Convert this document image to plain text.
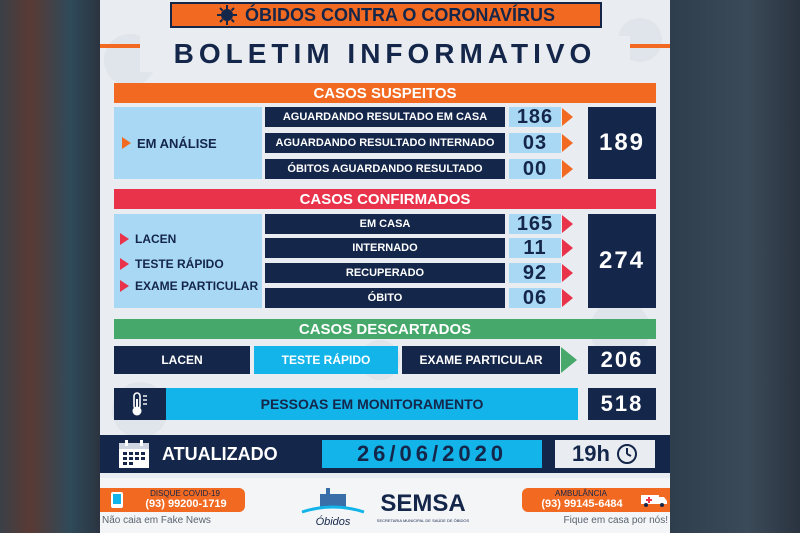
ÓBIDOS CONTRA O CORONAVÍRUS
BOLETIM INFORMATIVO
CASOS SUSPEITOS
EM ANÁLISE
AGUARDANDO RESULTADO EM CASA	186
AGUARDANDO RESULTADO INTERNADO	03
ÓBITOS AGUARDANDO RESULTADO	00
189
CASOS CONFIRMADOS
LACEN
TESTE RÁPIDO
EXAME PARTICULAR
EM CASA	165
INTERNADO	11
RECUPERADO	92
ÓBITO	06
274
CASOS DESCARTADOS
LACEN	TESTE RÁPIDO	EXAME PARTICULAR	206
PESSOAS EM MONITORAMENTO	518
ATUALIZADO	26/06/2020	19h
DISQUE COVID-19
(93) 99200-1719
Não caia em Fake News	Óbidos
SEMSA
SECRETARIA MUNICIPAL DE SAÚDE DE ÓBIDOS
AMBULÂNCIA
(93) 99145-6484
Fique em casa por nós!
